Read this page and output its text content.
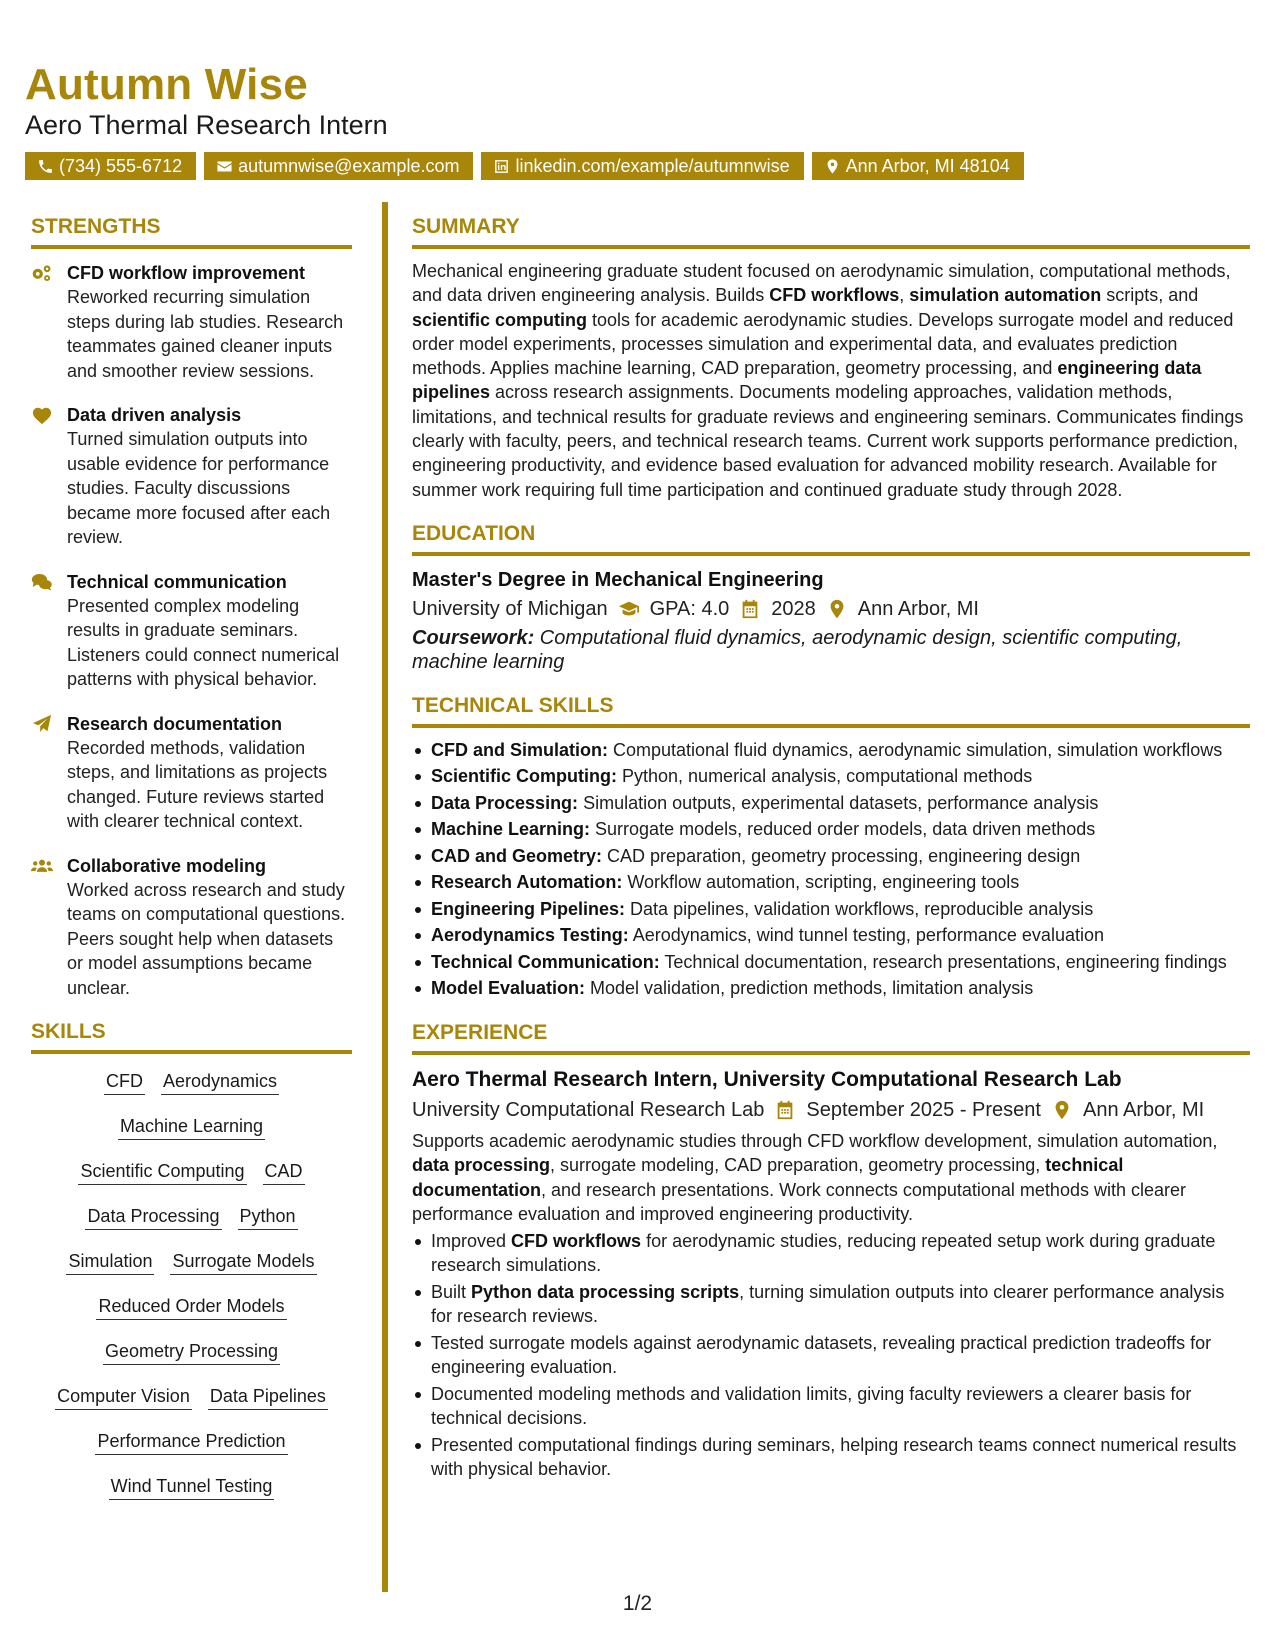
Autumn Wise
Aero Thermal Research Intern
(734) 555-6712	autumnwise@example.com	linkedin.com/example/autumnwise	Ann Arbor, MI 48104
STRENGTHS
CFD workflow improvement
Reworked recurring simulation steps during lab studies. Research teammates gained cleaner inputs and smoother review sessions.
Data driven analysis
Turned simulation outputs into usable evidence for performance studies. Faculty discussions became more focused after each review.
Technical communication
Presented complex modeling results in graduate seminars. Listeners could connect numerical patterns with physical behavior.
Research documentation
Recorded methods, validation steps, and limitations as projects changed. Future reviews started with clearer technical context.
Collaborative modeling
Worked across research and study teams on computational questions. Peers sought help when datasets or model assumptions became unclear.
SKILLS
CFD Aerodynamics
Machine Learning
Scientific Computing CAD
Data Processing Python
Simulation Surrogate Models
Reduced Order Models
Geometry Processing
Computer Vision Data Pipelines
Performance Prediction
Wind Tunnel Testing
SUMMARY
Mechanical engineering graduate student focused on aerodynamic simulation, computational methods, and data driven engineering analysis. Builds CFD workflows, simulation automation scripts, and scientific computing tools for academic aerodynamic studies. Develops surrogate model and reduced order model experiments, processes simulation and experimental data, and evaluates prediction methods. Applies machine learning, CAD preparation, geometry processing, and engineering data pipelines across research assignments. Documents modeling approaches, validation methods, limitations, and technical results for graduate reviews and engineering seminars. Communicates findings clearly with faculty, peers, and technical research teams. Current work supports performance prediction, engineering productivity, and evidence based evaluation for advanced mobility research. Available for summer work requiring full time participation and continued graduate study through 2028.
EDUCATION
Master's Degree in Mechanical Engineering
University of Michigan GPA: 4.0 2028 Ann Arbor, MI
Coursework: Computational fluid dynamics, aerodynamic design, scientific computing, machine learning
TECHNICAL SKILLS
CFD and Simulation: Computational fluid dynamics, aerodynamic simulation, simulation workflows
Scientific Computing: Python, numerical analysis, computational methods
Data Processing: Simulation outputs, experimental datasets, performance analysis
Machine Learning: Surrogate models, reduced order models, data driven methods
CAD and Geometry: CAD preparation, geometry processing, engineering design
Research Automation: Workflow automation, scripting, engineering tools
Engineering Pipelines: Data pipelines, validation workflows, reproducible analysis
Aerodynamics Testing: Aerodynamics, wind tunnel testing, performance evaluation
Technical Communication: Technical documentation, research presentations, engineering findings
Model Evaluation: Model validation, prediction methods, limitation analysis
EXPERIENCE
Aero Thermal Research Intern, University Computational Research Lab
University Computational Research Lab September 2025 - Present Ann Arbor, MI
Supports academic aerodynamic studies through CFD workflow development, simulation automation, data processing, surrogate modeling, CAD preparation, geometry processing, technical documentation, and research presentations. Work connects computational methods with clearer performance evaluation and improved engineering productivity.
Improved CFD workflows for aerodynamic studies, reducing repeated setup work during graduate research simulations.
Built Python data processing scripts, turning simulation outputs into clearer performance analysis for research reviews.
Tested surrogate models against aerodynamic datasets, revealing practical prediction tradeoffs for engineering evaluation.
Documented modeling methods and validation limits, giving faculty reviewers a clearer basis for technical decisions.
Presented computational findings during seminars, helping research teams connect numerical results with physical behavior.
1/2
